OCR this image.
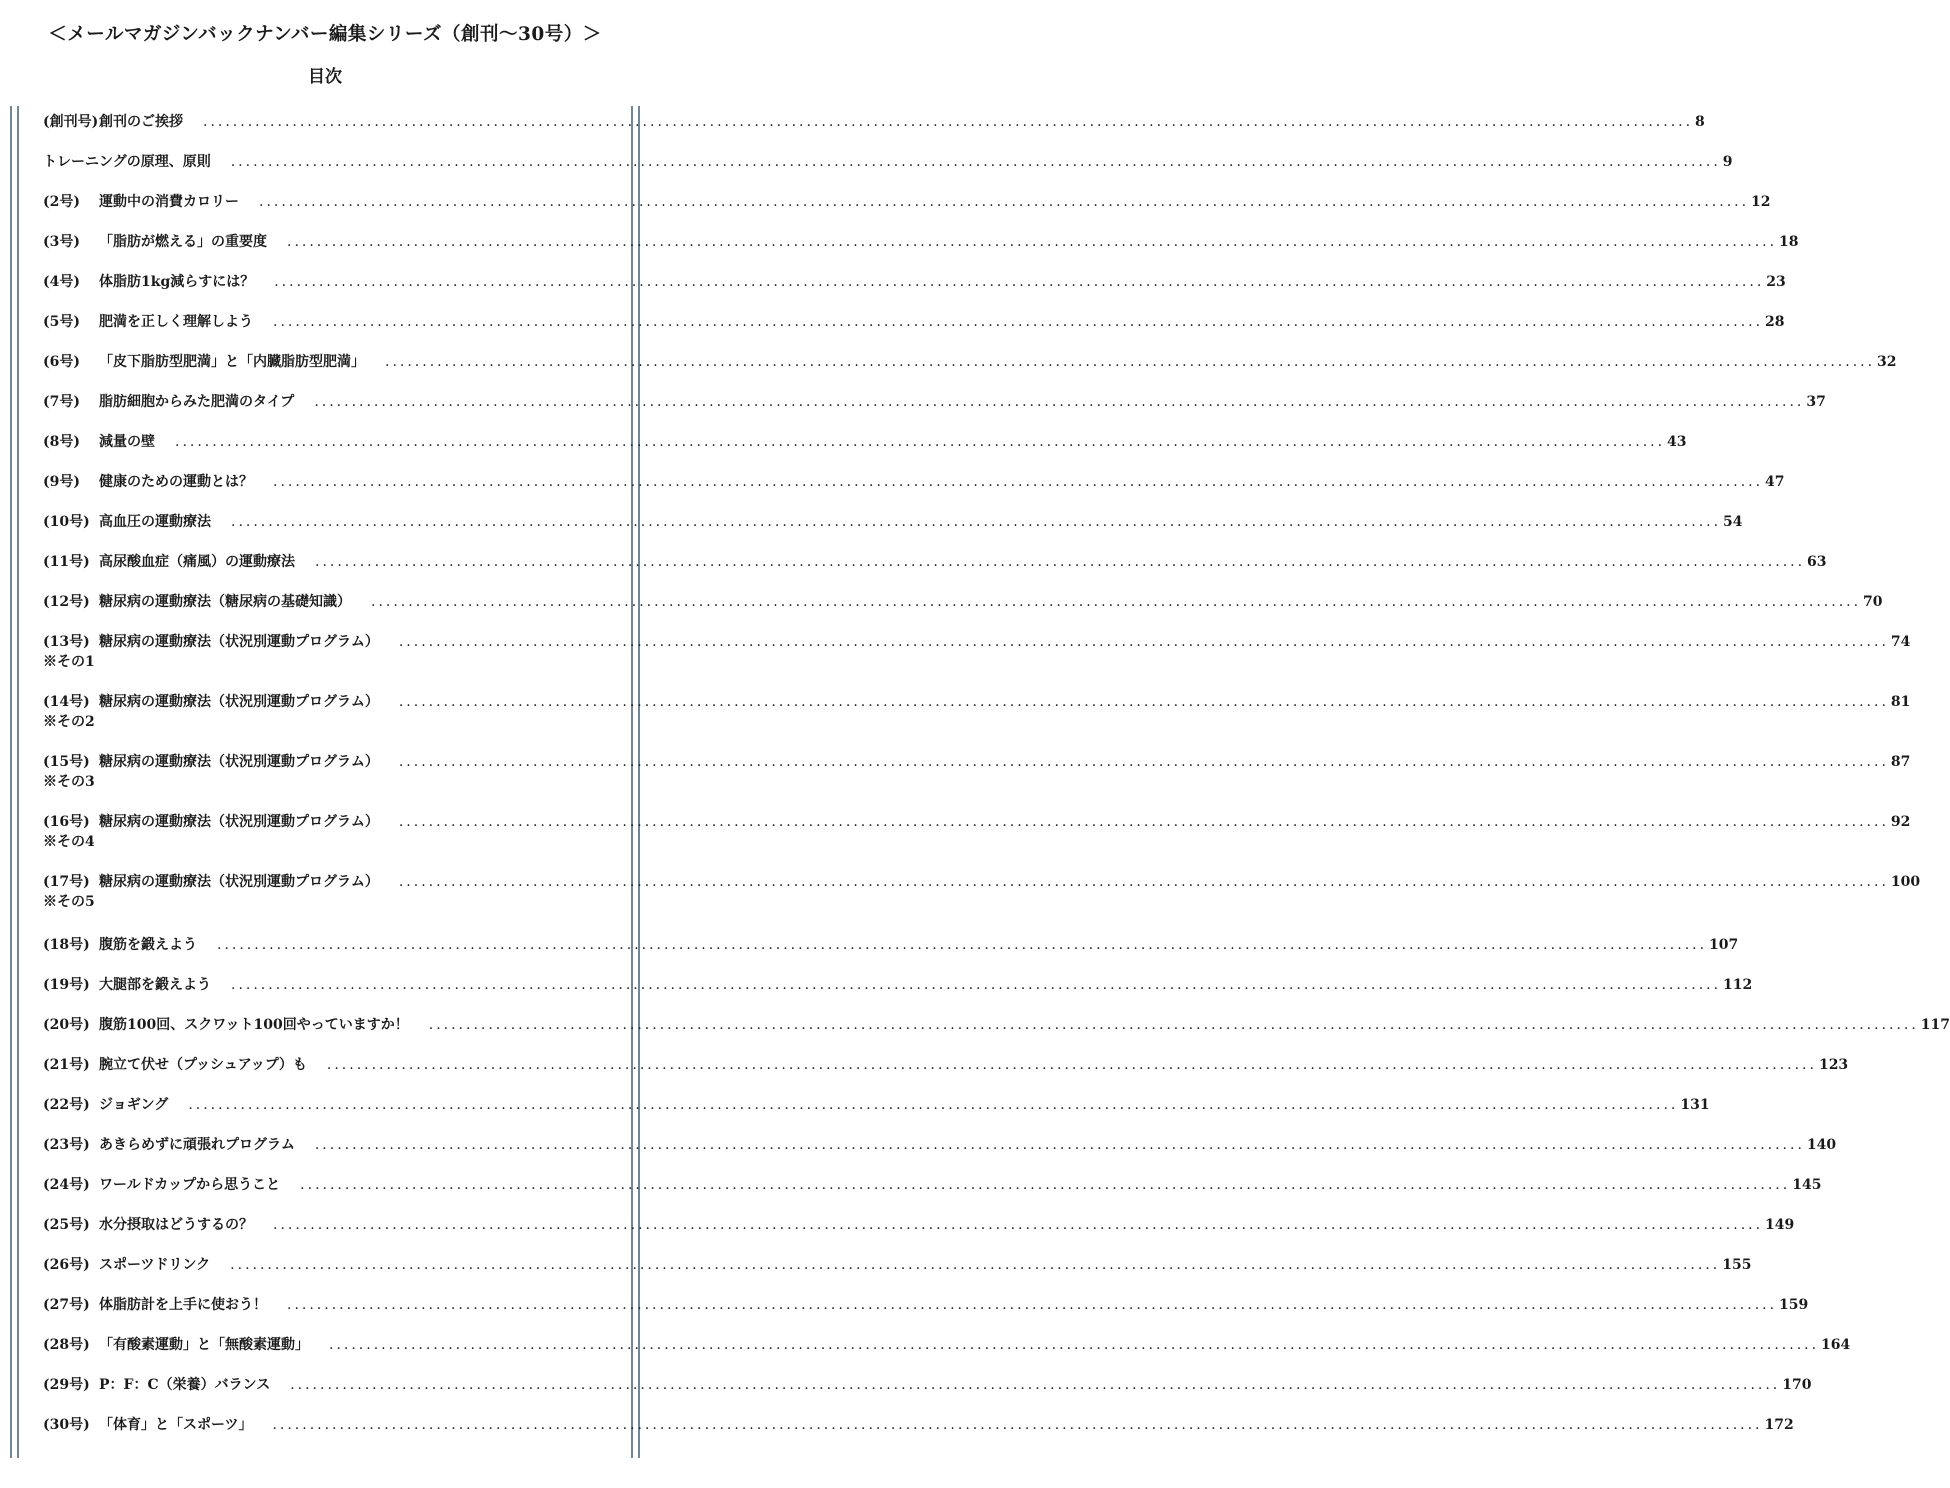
＜メールマガジンバックナンバー編集シリーズ（創刊～30号）＞
目次
(創刊号) 創刊のご挨拶 ........................................................................................................................................................................................................ 8
トレーニングの原理、原則 ........................................................................................................................................................................................................ 9
(2号)	運動中の消費カロリー ........................................................................................................................................................................................................ 12
(3号)	「脂肪が燃える」の重要度 ........................................................................................................................................................................................................ 18
(4号)	体脂肪1kg減らすには？ ........................................................................................................................................................................................................ 23
(5号)	肥満を正しく理解しよう ........................................................................................................................................................................................................ 28
(6号)	「皮下脂肪型肥満」と「内臓脂肪型肥満」 ........................................................................................................................................................................................................ 32
(7号)	脂肪細胞からみた肥満のタイプ ........................................................................................................................................................................................................ 37
(8号)	減量の壁 ........................................................................................................................................................................................................ 43
(9号)	健康のための運動とは？ ........................................................................................................................................................................................................ 47
(10号) 高血圧の運動療法 ........................................................................................................................................................................................................ 54
(11号) 高尿酸血症（痛風）の運動療法 ........................................................................................................................................................................................................ 63
(12号) 糖尿病の運動療法（糖尿病の基礎知識） ........................................................................................................................................................................................................ 70
(13号) 糖尿病の運動療法（状況別運動プログラム） ........................................................................................................................................................................................................ 74
※その1
(14号) 糖尿病の運動療法（状況別運動プログラム） ........................................................................................................................................................................................................ 81
※その2
(15号) 糖尿病の運動療法（状況別運動プログラム） ........................................................................................................................................................................................................ 87
※その3
(16号) 糖尿病の運動療法（状況別運動プログラム） ........................................................................................................................................................................................................ 92
※その4
(17号) 糖尿病の運動療法（状況別運動プログラム） ........................................................................................................................................................................................................ 100
※その5
(18号) 腹筋を鍛えよう ........................................................................................................................................................................................................ 107
(19号) 大腿部を鍛えよう ........................................................................................................................................................................................................ 112
(20号) 腹筋100回、スクワット100回やっていますか！ ........................................................................................................................................................................................................ 117
(21号) 腕立て伏せ（プッシュアップ）も ........................................................................................................................................................................................................ 123
(22号) ジョギング ........................................................................................................................................................................................................ 131
(23号) あきらめずに頑張れプログラム ........................................................................................................................................................................................................ 140
(24号) ワールドカップから思うこと ........................................................................................................................................................................................................ 145
(25号) 水分摂取はどうするの？ ........................................................................................................................................................................................................ 149
(26号) スポーツドリンク ........................................................................................................................................................................................................ 155
(27号) 体脂肪計を上手に使おう！ ........................................................................................................................................................................................................ 159
(28号) 「有酸素運動」と「無酸素運動」 ........................................................................................................................................................................................................ 164
(29号) P：F：C（栄養）バランス ........................................................................................................................................................................................................ 170
(30号) 「体育」と「スポーツ」 ........................................................................................................................................................................................................ 172
